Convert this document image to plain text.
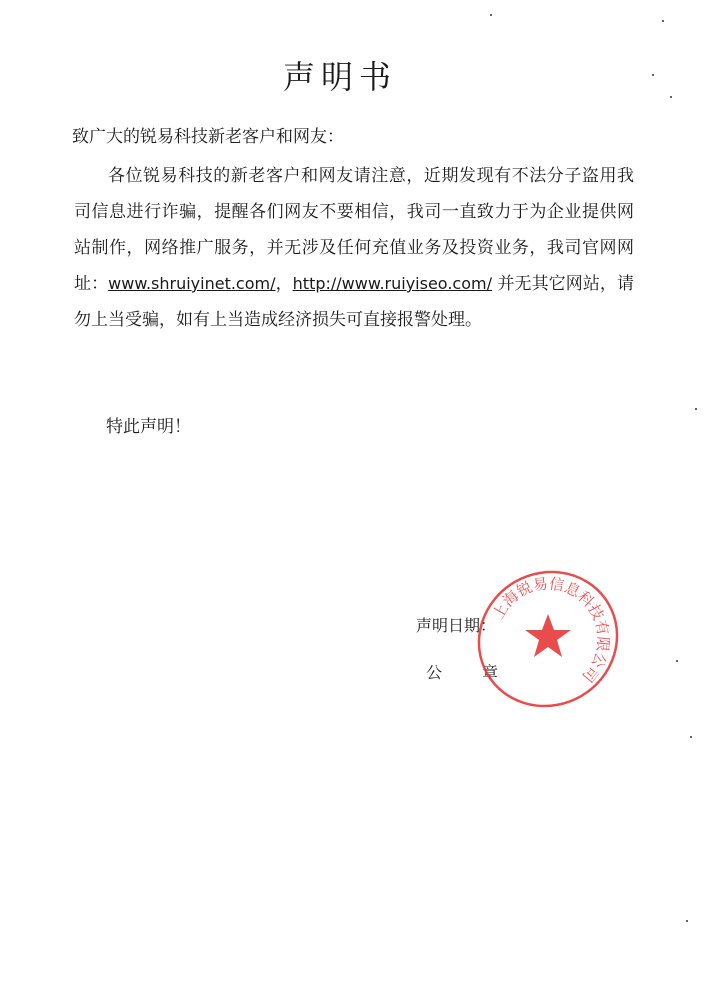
声明书
致广大的锐易科技新老客户和网友：

各位锐易科技的新老客户和网友请注意，近期发现有不法分子盗用我司信息进行诈骗，提醒各们网友不要相信，我司一直致力于为企业提供网站制作，网络推广服务，并无涉及任何充值业务及投资业务，我司官网网址：www.shruiyinet.com/，http://www.ruiyiseo.com/ 并无其它网站，请勿上当受骗，如有上当造成经济损失可直接报警处理。

特此声明！
声明日期：
公章
上海锐易信息科技有限公司
